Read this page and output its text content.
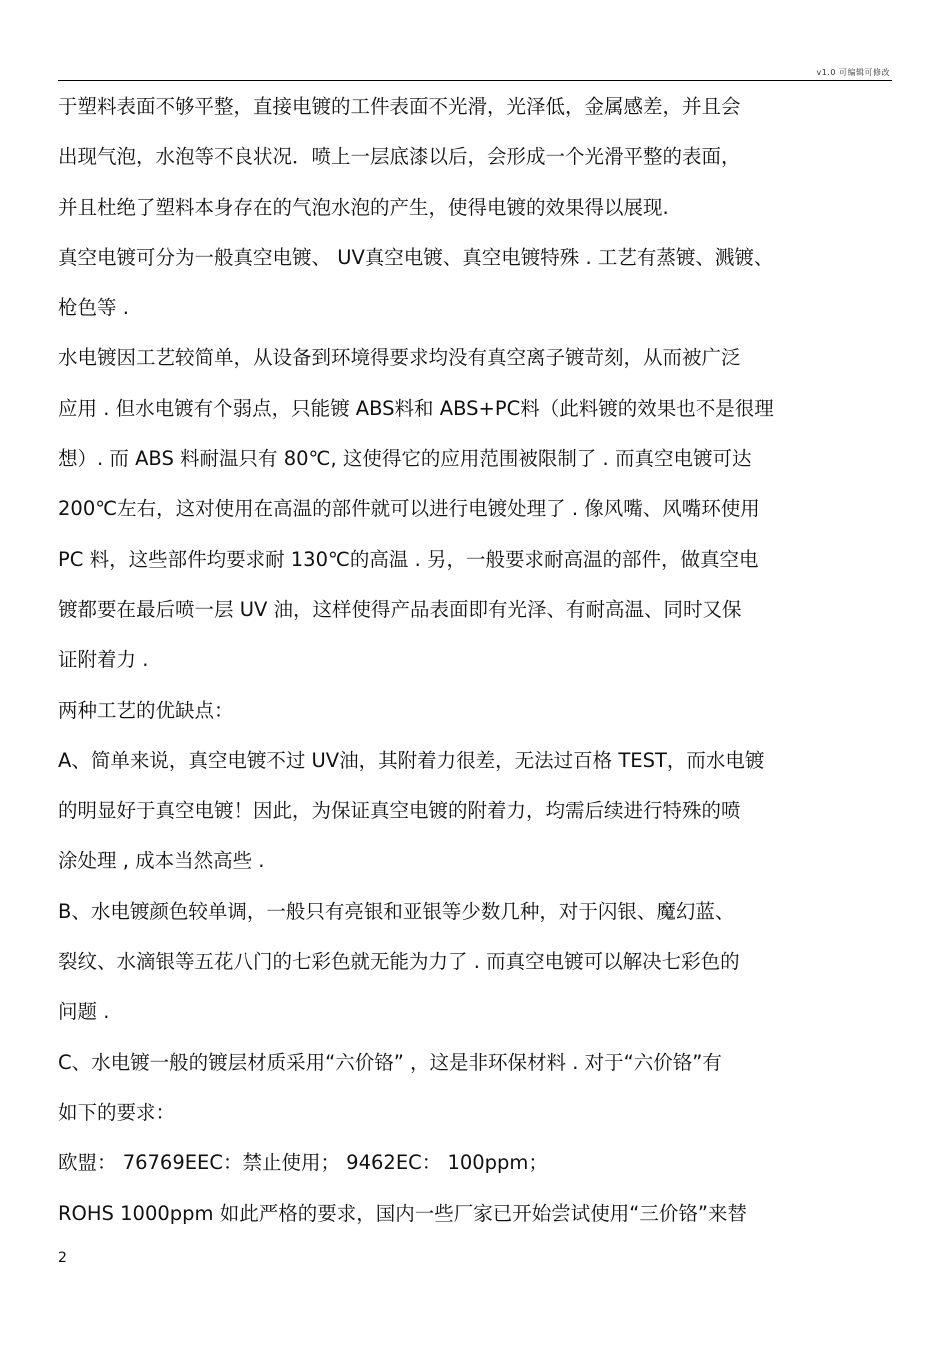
v1.0 可编辑可修改
于塑料表面不够平整，直接电镀的工件表面不光滑，光泽低，金属感差，并且会
出现气泡，水泡等不良状况．喷上一层底漆以后，会形成一个光滑平整的表面，
并且杜绝了塑料本身存在的气泡水泡的产生，使得电镀的效果得以展现.
真空电镀可分为一般真空电镀、 UV真空电镀、真空电镀特殊 . 工艺有蒸镀、溅镀、
枪色等 .
水电镀因工艺较简单，从设备到环境得要求均没有真空离子镀苛刻，从而被广泛
应用 . 但水电镀有个弱点，只能镀 ABS料和 ABS+PC料（此料镀的效果也不是很理
想）. 而 ABS 料耐温只有 80℃, 这使得它的应用范围被限制了 . 而真空电镀可达
200℃左右，这对使用在高温的部件就可以进行电镀处理了 . 像风嘴、风嘴环使用
PC 料，这些部件均要求耐 130℃的高温 . 另，一般要求耐高温的部件，做真空电
镀都要在最后喷一层 UV 油，这样使得产品表面即有光泽、有耐高温、同时又保
证附着力 .
两种工艺的优缺点：
A、简单来说，真空电镀不过 UV油，其附着力很差，无法过百格 TEST，而水电镀
的明显好于真空电镀！因此，为保证真空电镀的附着力，均需后续进行特殊的喷
涂处理 , 成本当然高些 .
B、水电镀颜色较单调，一般只有亮银和亚银等少数几种，对于闪银、魔幻蓝、
裂纹、水滴银等五花八门的七彩色就无能为力了 . 而真空电镀可以解决七彩色的
问题 .
C、水电镀一般的镀层材质采用“六价铬” ，这是非环保材料 . 对于“六价铬”有
如下的要求：
欧盟： 76769EEC：禁止使用； 9462EC： 100ppm；
ROHS 1000ppm 如此严格的要求，国内一些厂家已开始尝试使用“三价铬”来替
2
